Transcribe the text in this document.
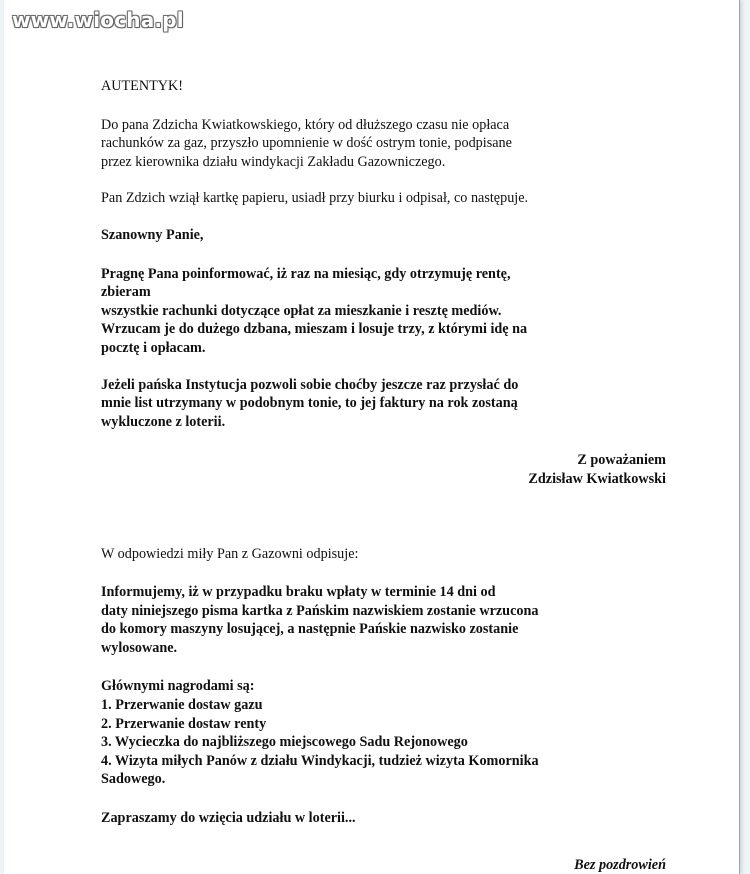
AUTENTYK!

Do pana Zdzicha Kwiatkowskiego, który od dłuższego czasu nie opłaca
rachunków za gaz, przyszło upomnienie w dość ostrym tonie, podpisane
przez kierownika działu windykacji Zakładu Gazowniczego.

Pan Zdzich wziął kartkę papieru, usiadł przy biurku i odpisał, co następuje.

Szanowny Panie,

Pragnę Pana poinformować, iż raz na miesiąc, gdy otrzymuję rentę,
zbieram
wszystkie rachunki dotyczące opłat za mieszkanie i resztę mediów.
Wrzucam je do dużego dzbana, mieszam i losuje trzy, z którymi idę na
pocztę i opłacam.
Jeżeli pańska Instytucja pozwoli sobie choćby jeszcze raz przysłać do
mnie list utrzymany w podobnym tonie, to jej faktury na rok zostaną
wykluczone z loterii.
Z poważaniem
Zdzisław Kwiatkowski

W odpowiedzi miły Pan z Gazowni odpisuje:

Informujemy, iż w przypadku braku wpłaty w terminie 14 dni od
daty niniejszego pisma kartka z Pańskim nazwiskiem zostanie wrzucona
do komory maszyny losującej, a następnie Pańskie nazwisko zostanie
wylosowane.
Głównymi nagrodami są:
1. Przerwanie dostaw gazu
2. Przerwanie dostaw renty
3. Wycieczka do najbliższego miejscowego Sadu Rejonowego
4. Wizyta miłych Panów z działu Windykacji, tudzież wizyta Komornika
Sadowego.

Zapraszamy do wzięcia udziału w loterii...

Bez pozdrowień

www.wiocha.pl
